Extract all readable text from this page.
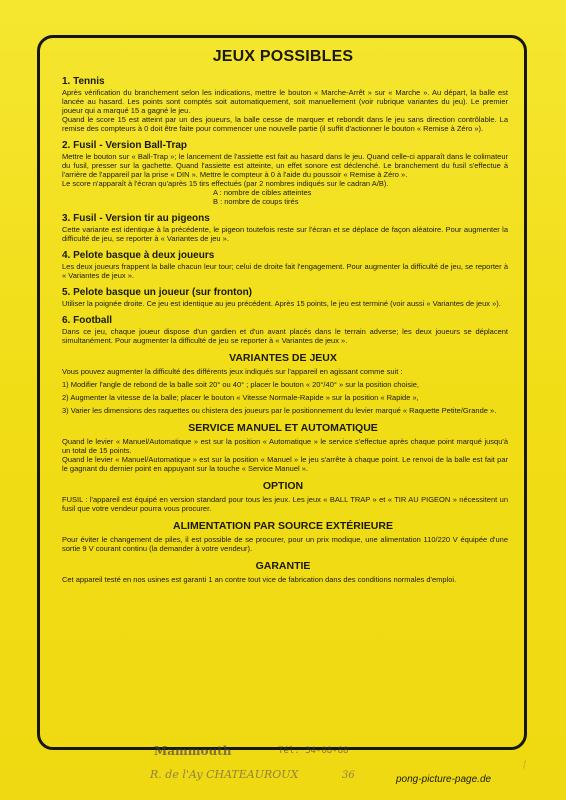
JEUX POSSIBLES
1. Tennis
Après vérification du branchement selon les indications, mettre le bouton « Marche-Arrêt » sur « Marche ». Au départ, la balle est lancée au hasard. Les points sont comptés soit automatiquement, soit manuellement (voir rubrique variantes du jeu). Le premier joueur qui a marqué 15 a gagné le jeu.
Quand le score 15 est atteint par un des joueurs, la balle cesse de marquer et rebondit dans le jeu sans direction contrôlable. La remise des compteurs à 0 doit être faite pour commencer une nouvelle partie (il suffit d'actionner le bouton « Remise à Zéro »).
2. Fusil - Version Ball-Trap
Mettre le bouton sur « Ball-Trap »; le lancement de l'assiette est fait au hasard dans le jeu. Quand celle-ci apparaît dans le colimateur du fusil, presser sur la gachette. Quand l'assiette est atteinte, un effet sonore est déclenché. Le branchement du fusil s'effectue à l'arrière de l'appareil par la prise « DIN ». Mettre le compteur à 0 à l'aide du poussoir « Remise à Zéro ».
Le score n'apparaît à l'écran qu'après 15 tirs effectués (par 2 nombres indiqués sur le cadran A/B).
A : nombre de cibles atteintes
B : nombre de coups tirés
3. Fusil - Version tir au pigeons
Cette variante est identique à la précédente, le pigeon toutefois reste sur l'écran et se déplace de façon aléatoire. Pour augmenter la difficulté de jeu, se reporter à « Variantes de jeu ».
4. Pelote basque à deux joueurs
Les deux joueurs frappent la balle chacun leur tour; celui de droite fait l'engagement. Pour augmenter la difficulté de jeu, se reporter à « Variantes de jeux ».
5. Pelote basque un joueur (sur fronton)
Utiliser la poignée droite. Ce jeu est identique au jeu précédent. Après 15 points, le jeu est terminé (voir aussi « Variantes de jeux »).
6. Football
Dans ce jeu, chaque joueur dispose d'un gardien et d'un avant placés dans le terrain adverse; les deux joueurs se déplacent simultanément. Pour augmenter la difficulté de jeu se reporter à « Variantes de jeux ».
VARIANTES DE JEUX
Vous pouvez augmenter la difficulté des différents jeux indiqués sur l'appareil en agissant comme suit :
1) Modifier l'angle de rebond de la balle soit 20° ou 40° ; placer le bouton « 20°/40° » sur la position choisie,
2) Augmenter la vitesse de la balle; placer le bouton « Vitesse Normale-Rapide » sur la position « Rapide »,
3) Varier les dimensions des raquettes ou chistera des joueurs par le positionnement du levier marqué « Raquette Petite/Grande ».
SERVICE MANUEL ET AUTOMATIQUE
Quand le levier « Manuel/Automatique » est sur la position « Automatique » le service s'effectue après chaque point marqué jusqu'à un total de 15 points.
Quand le levier « Manuel/Automatique » est sur la position « Manuel » le jeu s'arrête à chaque point. Le renvoi de la balle est fait par le gagnant du dernier point en appuyant sur la touche « Service Manuel ».
OPTION
FUSIL : l'appareil est équipé en version standard pour tous les jeux. Les jeux « BALL TRAP » et « TIR AU PIGEON » nécessitent un fusil que votre vendeur pourra vous procurer.
ALIMENTATION PAR SOURCE EXTÉRIEURE
Pour éviter le changement de piles, il est possible de se procurer, pour un prix modique, une alimentation 110/220 V équipée d'une sortie 9 V courant continu (la demander à votre vendeur).
GARANTIE
Cet appareil testé en nos usines est garanti 1 an contre tout vice de fabrication dans des conditions normales d'emploi.
Mammouth	Tél. 34-08-88
R. de l'Ay CHATEAUROUX	36
~~
pong-picture-page.de
